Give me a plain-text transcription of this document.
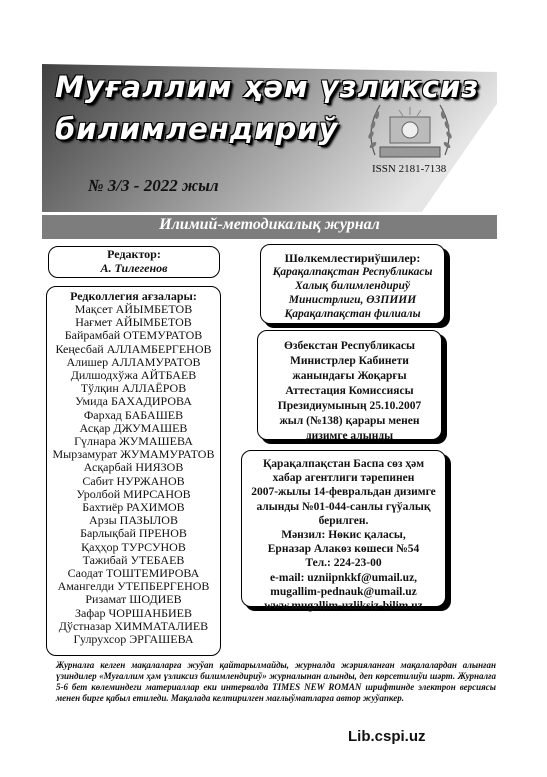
Муғаллим ҳәм үзликсиз
билимлендириў
ISSN 2181-7138
№ 3/3 - 2022 жыл
Илимий-методикалық журнал
Редактор:
А. Тилегенов
Редколлегия ағзалары:
Мақсет АЙЫМБЕТОВ
Нағмет АЙЫМБЕТОВ
Байрамбай ОТЕМУРАТОВ
Кеңесбай АЛЛАМБЕРГЕНОВ
Алишер АЛЛАМУРАТОВ
Дилшодхўжа АЙТБАЕВ
Тўлқин АЛЛАЁРОВ
Умида БАХАДИРОВА
Фархад БАБАШЕВ
Асқар ДЖУМАШЕВ
Гүлнара ЖУМАШЕВА
Мырзамурат ЖУМАМУРАТОВ
Асқарбай НИЯЗОВ
Сабит НУРЖАНОВ
Уролбой МИРСАНОВ
Бахтиёр РАХИМОВ
Арзы ПАЗЫЛОВ
Барлықбай ПРЕНОВ
Қаҳҳор ТУРСУНОВ
Тажибай УТЕБАЕВ
Саодат ТОШТЕМИРОВА
Амангелди УТЕПБЕРГЕНОВ
Ризамат ШОДИЕВ
Зафар ЧОРШАНБИЕВ
Дўстназар ХИММАТАЛИЕВ
Гулрухсор ЭРГАШЕВА
Шөлкемлестириўшилер:
Қарақалпақстан Республикасы
Халық билимлендириў
Министрлиги, ӨЗПИИИ
Қарақалпақстан филиалы
Өзбекстан Республикасы
Министрлер Кабинети
жанындағы Жоқарғы
Аттестация Комиссиясы
Президиумының 25.10.2007
жыл (№138) қарары менен
дизимге алынды
Қарақалпақстан Баспа сөз ҳәм
хабар агентлиги тәрепинен
2007-жылы 14-февральдан дизимге
алынды №01-044-санлы гүўалық
берилген.
Мәнзил: Нөкис қаласы,
Ерназар Алакөз көшеси №54
Тел.: 224-23-00
e-mail: uzniipnkkf@umail.uz,
mugallim-pednauk@umail.uz
www.mugallim-uzliksiz-bilim.uz
Журналға келген мақалаларға жуўап қайтарылмайды, журналда жәрияланған мақалалардан алынған үзиндилер «Муғаллим ҳәм үзликсиз билимлендириў» журналынан алынды, деп көрсетилиўи шәрт. Журналға 5-6 бет көлеминдеги материаллар еки интервалда TIMES NEW ROMAN шрифтинде электрон версиясы менен бирге қабыл етиледи. Мақалада келтирилген мағлыўматларға автор жуўапкер.
Lib.cspi.uz
